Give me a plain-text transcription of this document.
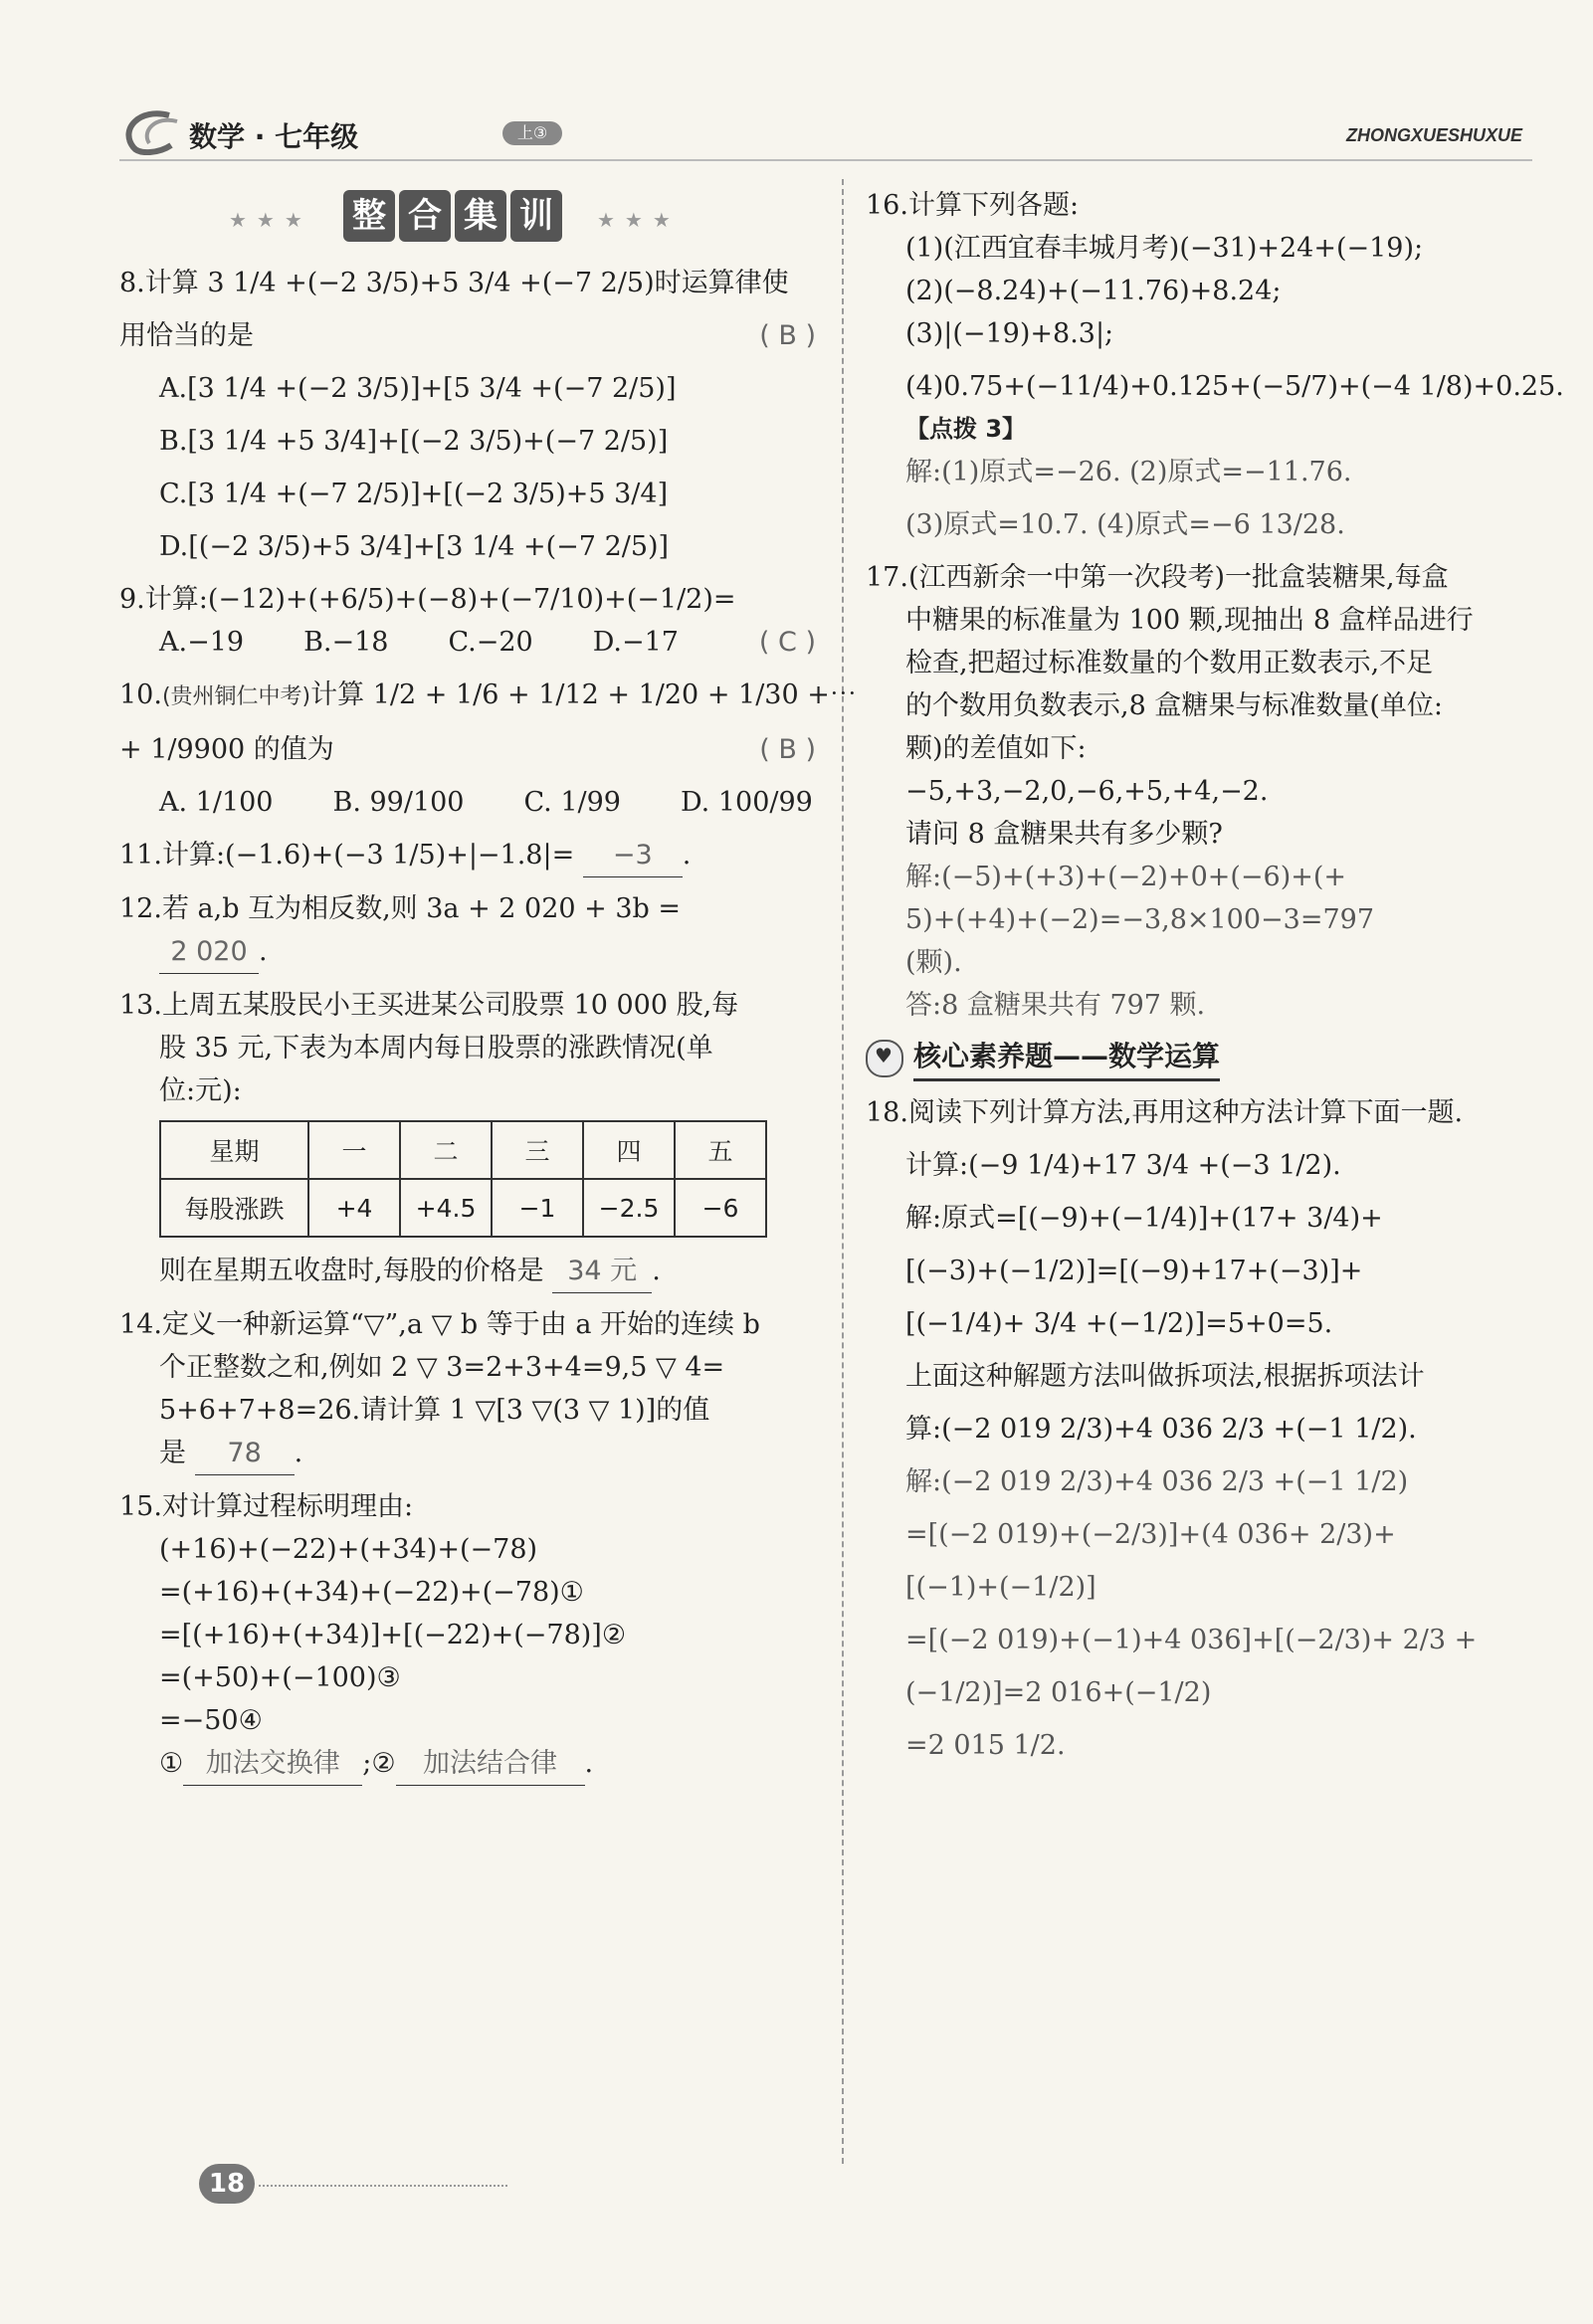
数学 · 七年级	上③	ZHONGXUESHUXUE
★★★ 整 合 集 训	★★★
8.计算 3 1/4 +(−2 3/5)+5 3/4 +(−7 2/5)时运算律使
用恰当的是	( B )
A.[3 1/4 +(−2 3/5)]+[5 3/4 +(−7 2/5)]
B.[3 1/4 +5 3/4]+[(−2 3/5)+(−7 2/5)]
C.[3 1/4 +(−7 2/5)]+[(−2 3/5)+5 3/4]
D.[(−2 3/5)+5 3/4]+[3 1/4 +(−7 2/5)]
9.计算:(−12)+(+6/5)+(−8)+(−7/10)+(−1/2)=
( C )
A.−19 B.−18 C.−20 D.−17
10.(贵州铜仁中考)计算 1/2 + 1/6 + 1/12 + 1/20 + 1/30 +⋯
+ 1/9900 的值为	( B )
A. 1/100 B. 99/100 C. 1/99 D. 100/99
11.计算:(−1.6)+(−3 1/5)+|−1.8|= −3 .
12.若 a,b 互为相反数,则 3a + 2 020 + 3b =
2 020 .
13.上周五某股民小王买进某公司股票 10 000 股,每
股 35 元,下表为本周内每日股票的涨跌情况(单
位:元):
星期	一	二	三	四	五
每股涨跌	+4	+4.5	−1	−2.5	−6
则在星期五收盘时,每股的价格是 34 元 .
14.定义一种新运算“▽”,a ▽ b 等于由 a 开始的连续 b
个正整数之和,例如 2 ▽ 3=2+3+4=9,5 ▽ 4=
5+6+7+8=26.请计算 1 ▽[3 ▽(3 ▽ 1)]的值
是 78 .
15.对计算过程标明理由:
(+16)+(−22)+(+34)+(−78)
=(+16)+(+34)+(−22)+(−78)①
=[(+16)+(+34)]+[(−22)+(−78)]②
=(+50)+(−100)③
=−50④
① 加法交换律 ;② 加法结合律 .
16.计算下列各题:
(1)(江西宜春丰城月考)(−31)+24+(−19);
(2)(−8.24)+(−11.76)+8.24;
(3)|(−19)+8.3|;
(4)0.75+(−11/4)+0.125+(−5/7)+(−4 1/8)+0.25.
【点拨 3】
解:(1)原式=−26. (2)原式=−11.76.
(3)原式=10.7. (4)原式=−6 13/28.
17.(江西新余一中第一次段考)一批盒装糖果,每盒
中糖果的标准量为 100 颗,现抽出 8 盒样品进行
检查,把超过标准数量的个数用正数表示,不足
的个数用负数表示,8 盒糖果与标准数量(单位:
颗)的差值如下:
−5,+3,−2,0,−6,+5,+4,−2.
请问 8 盒糖果共有多少颗?
解:(−5)+(+3)+(−2)+0+(−6)+(+
5)+(+4)+(−2)=−3,8×100−3=797
(颗).
答:8 盒糖果共有 797 颗.
♥
核心素养题——数学运算
18.阅读下列计算方法,再用这种方法计算下面一题.
计算:(−9 1/4)+17 3/4 +(−3 1/2).
解:原式=[(−9)+(−1/4)]+(17+ 3/4)+
[(−3)+(−1/2)]=[(−9)+17+(−3)]+
[(−1/4)+ 3/4 +(−1/2)]=5+0=5.
上面这种解题方法叫做拆项法,根据拆项法计
算:(−2 019 2/3)+4 036 2/3 +(−1 1/2).
解:(−2 019 2/3)+4 036 2/3 +(−1 1/2)
=[(−2 019)+(−2/3)]+(4 036+ 2/3)+
[(−1)+(−1/2)]
=[(−2 019)+(−1)+4 036]+[(−2/3)+ 2/3 +
(−1/2)]=2 016+(−1/2)
=2 015 1/2.
18
